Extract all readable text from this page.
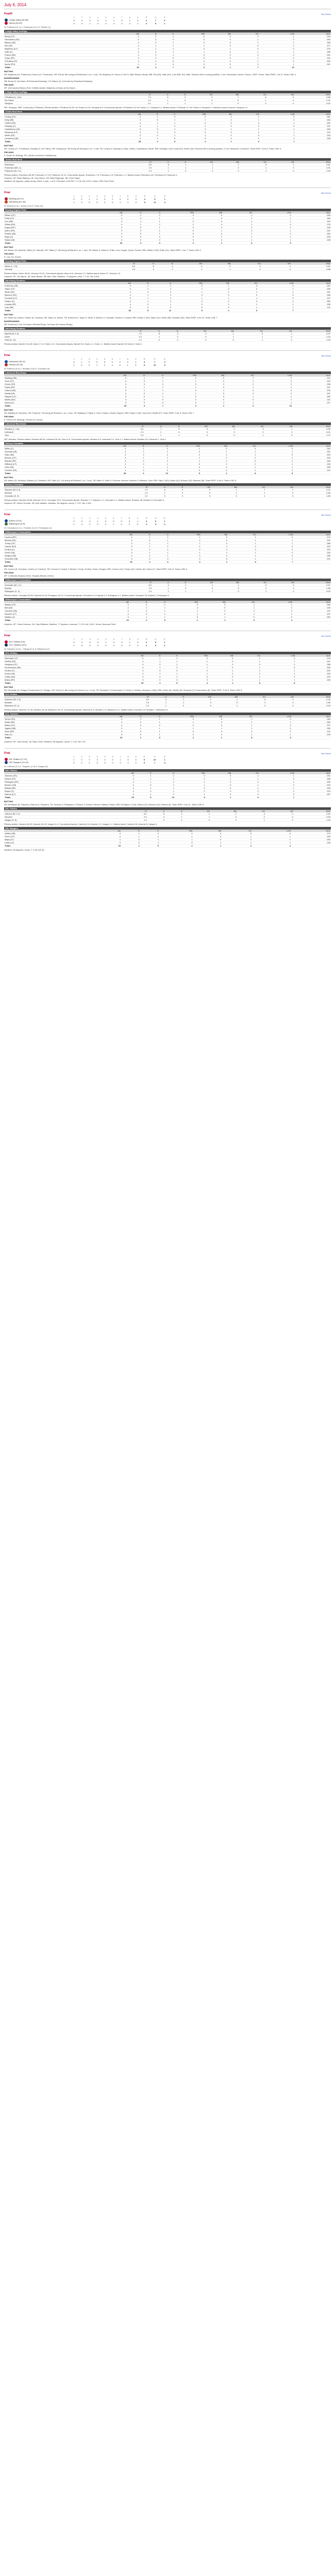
July 6, 2014
Final/9	Box Score
	1	2	3	4	5	6	7	8	9	R	H	E
Lehigh Valley (50-38)	0	0	0	0	0	1	0	1	0	2	7	0
Toledo (45-43)	0	0	1	0	0	0	0	2	1	4	8	1
W: Putkonen (2-1) L: Pomeranz (0-1) S: Palmer (1)
Lehigh Valley IronPigs
	AB	R	H	RBI	BB	SO	LOB	AVG
Brody (CF)	4	0	1	0	0	0	1	.234
Hernandez (SS)	4	0	0	0	0	1	2	.264
Blanco (2B)	4	0	1	0	0	1	1	.236
Ruf (1B)	4	1	1	1	0	0	2	.277
Mayberry (LF)	3	1	2	0	1	0	0	.279
Valle (C)	4	0	1	1	0	1	1	.255
Franco (3B)	4	0	1	0	0	2	2	.261
Cesar (RF)	3	0	0	0	0	1	0	.231
O'Sullivan (P)	2	0	0	0	0	1	0	.000
Asche (PH)	1	0	0	0	0	0	1	.241
Totals	33	2	7	2	1	7	10	
BATTING
2B: Mayberry (14, Putkonen); Franco (12, Pomeranz). HR: Ruf (8, 6th inning off Robertson 0 on, 2 out). TB: Mayberry 3; Franco 2; Ruf 4; Valle; Blanco; Brody. RBI: Ruf (28); Valle (19). 2-out RBI: Ruf; Valle. Runners left in scoring position, 2 out: Hernandez; Asche; Franco. GIDP: Cesar. Team RISP: 1-for-8. Team LOB: 6.
BASERUNNING
SB: Brody (9, 2nd base off Pomeranz/Holaday). CS: Blanco (3, 2nd base by Robertson/Holaday).
FIELDING
DP: (Hernandez-Blanco-Ruf). Outfield assists: Mayberry (Crosby at 2nd base).
Lehigh Valley IronPigs
	IP	H	R	ER	BB	SO	HR	ERA
O'Sullivan (L, 5-6)	7.0	6	3	3	1	6	0	3.88
De Fratus	1.0	1	0	0	0	1	0	2.41
Hinojosa	0.1	1	1	1	0	0	0	4.02
WP: Hinojosa. HBP: Crosby (by O'Sullivan). Pitches-strikes: O'Sullivan 94-61; De Fratus 14-10; Hinojosa 8-5. Groundouts-flyouts: O'Sullivan 9-5; De Fratus 1-1; Hinojosa 0-1. Batters faced: O'Sullivan 27; De Fratus 4; Hinojosa 2. Inherited runners-scored: Hinojosa 1-1.
Toledo Mud Hens
	AB	R	H	RBI	BB	SO	LOB	AVG
Crosby (CF)	4	1	2	0	0	1	0	.281
Kelly (3B)	4	0	1	1	0	1	2	.260
Collins (DH)	4	1	1	0	0	0	1	.262
Holaday (C)	4	1	2	2	0	0	0	.291
Castellanos (1B)	3	0	1	0	1	1	1	.245
Hessman (LF)	3	0	0	0	0	2	1	.210
Worth (SS)	3	0	1	1	0	0	1	.234
Lennerton (2B)	3	1	0	0	0	1	1	.235
Totals	28	4	8	4	1	6	7	
BATTING
2B: Crosby (17, O'Sullivan); Holaday (9, De Fratus). HR: Holaday (6, 9th inning off Hinojosa 0 on, 1 out). TB: Crosby 3; Holaday 6; Kelly; Collins; Castellanos; Worth. RBI: Holaday 2 (24); Kelly (31); Worth (18). Runners left in scoring position, 2 out: Hessman; Lennerton. Team RISP: 2-for-6. Team LOB: 5.
FIELDING
E: Worth (9, fielding). DP: (Worth-Lennerton-Castellanos).
Toledo Mud Hens
	IP	H	R	ER	BB	SO	HR	ERA
Robertson	6.0	5	1	1	1	5	1	3.51
Pomeranz (BS, 1)	2.0	1	1	1	0	1	0	4.91
Putkonen (W, 2-1)	1.0	1	0	0	0	1	0	2.45
Pitches-strikes: Robertson 85-55; Pomeranz 27-19; Putkonen 15-10. Groundouts-flyouts: Robertson 7-6; Pomeranz 2-3; Putkonen 1-1. Batters faced: Robertson 24; Pomeranz 8; Putkonen 4.
Umpires: HP: Ryan Blakney. 1B: John Bacon. 2B: Mark Ripperger. 3B: Chris Segal.
Weather: 82 degrees, partly cloudy. Wind: 6 mph, L to R. First pitch: 6:05 PM. T: 2:32. Att: 9,874. Venue: Fifth Third Field.
Final	Box Score
	1	2	3	4	5	6	7	8	9	R	H	E
Reading (40-47)	0	0	1	0	0	2	0	0	0	3	9	1
Harrisburg (41-46)	1	0	0	0	2	0	1	1	X	5	11	0
W: Barrett (4-3) L: Asher (2-5) S: Solis (12)
Reading Fightin Phils
	AB	R	H	RBI	BB	SO	LOB	AVG
Altherr (CF)	4	1	2	0	0	1	0	.259
Pullin (LF)	4	0	1	1	0	0	1	.282
Lino (3B)	4	1	1	0	0	1	1	.240
Gillies (DH)	4	1	2	2	0	1	0	.275
Dugan (RF)	4	0	1	0	0	2	2	.233
Quinn (SS)	3	0	1	0	1	0	1	.241
Pointer (2B)	4	0	1	0	0	1	2	.262
Rupp (C)	3	0	0	0	1	1	1	.209
Stassi (1B)	3	0	0	0	0	1	1	.228
Totals	33	3	9	3	2	8	9	
BATTING
2B: Altherr (15, Barrett); Gillies (11, Barrett). HR: Gillies (7, 6th inning off Barrett 1 on, 1 out). TB: Altherr 3; Gillies 6; Pullin; Lino; Dugan; Quinn; Pointer. RBI: Gillies 2 (33); Pullin (19). Team RISP: 1-for-7. Team LOB: 6.
FIELDING
E: Lino (11, throw).
Reading Fightin Phils
	IP	H	R	ER	BB	SO	HR	ERA
Asher (L, 2-5)	6.0	8	3	3	2	4	1	4.81
Johnson	2.0	3	2	1	1	2	0	3.88
Pitches-strikes: Asher 96-60; Johnson 32-20. Groundouts-flyouts: Asher 8-6; Johnson 2-2. Batters faced: Asher 27; Johnson 10.
Umpires: HP: Jon Byrne. 1B: Sean Barber. 3B: Alex Ortiz. Weather: 79 degrees, clear. T: 2:41. Att: 6,513.
Harrisburg Senators
	AB	R	H	RBI	BB	SO	LOB	AVG
Kobernus (2B)	4	1	2	0	1	0	0	.287
Taylor (CF)	4	1	1	1	0	2	1	.299
Skole (1B)	4	0	2	1	0	1	1	.251
Marrero (SS)	4	1	2	0	0	0	0	.266
Goodwin (LF)	3	1	1	1	1	1	0	.247
Solano (C)	4	1	2	2	0	0	2	.280
Lozada (RF)	4	0	1	0	0	1	2	.238
Cole (3B)	3	0	0	0	0	1	1	.211
Totals	30	5	11	5	2	6	7	
BATTING
2B: Skole (16, Asher); Solano (8, Johnson). 3B: Taylor (4, Asher). TB: Kobernus 2; Taylor 3; Skole 3; Marrero 2; Goodwin; Solano 3; Lozada. RBI: Solano 2 (29); Taylor (41); Skole (38); Goodwin (25). Team RISP: 4-for-10. Team LOB: 7.
BASERUNNING
SB: Kobernus 2 (18, 2nd base off Asher/Rupp, 3rd base off Johnson/Rupp).
Harrisburg Senators
	IP	H	R	ER	BB	SO	HR	ERA
Barrett (W, 4-3)	7.0	8	3	3	1	6	1	3.57
Davis	1.0	1	0	0	1	1	0	2.16
Solis (S, 12)	1.0	0	0	0	0	1	0	1.93
Pitches-strikes: Barrett 101-68; Davis 17-10; Solis 12-9. Groundouts-flyouts: Barrett 9-6; Davis 1-1; Solis 1-1. Batters faced: Barrett 29; Davis 5; Solis 3.
Final	Box Score
	1	2	3	4	5	6	7	8	9	R	H	E
Lakewood (39-47)	0	1	0	0	0	0	2	0	0	3	7	2
Hickory (44-42)	2	0	0	1	2	0	0	1	X	6	10	0
W: Ramirez (6-4) L: Morales (3-8) S: Gonzalez (9)
Lakewood BlueClaws
	AB	R	H	RBI	BB	SO	LOB	AVG
Walding (3B)	4	1	2	0	0	1	0	.221
Tocci (CF)	4	0	1	1	0	1	2	.242
Green (SS)	4	0	0	0	0	2	2	.238
Pujols (RF)	4	1	1	1	0	1	1	.247
Canelo (2B)	3	1	1	0	1	0	0	.229
Hewitt (1B)	4	0	1	1	0	2	2	.201
Deppen (LF)	3	0	1	0	0	1	1	.262
Martin (DH)	4	0	0	0	0	0	1	.241
Garcia (C)	3	0	0	0	1	1	1	.217
Totals	33	3	7	3	2	9	10	
BATTING
2B: Walding (9, Ramirez). HR: Pujols (9, 7th inning off Ramirez 1 on, 2 out). TB: Walding 3; Pujols 4; Tocci; Canelo; Hewitt; Deppen. RBI: Pujols 2 (40); Tocci (22); Hewitt (27). Team RISP: 2-for-8. Team LOB: 7.
FIELDING
E: Green (19, fielding); Canelo (10, throw).
Lakewood BlueClaws
	IP	H	R	ER	BB	SO	HR	ERA
Morales (L, 3-8)	5.0	7	5	4	2	3	1	4.55
Leibrandt	2.0	2	0	0	0	2	0	3.01
Viza	1.0	1	1	0	0	1	0	2.70
WP: Morales. Pitches-strikes: Morales 88-53; Leibrandt 26-18; Viza 14-9. Groundouts-flyouts: Morales 6-5; Leibrandt 3-1; Viza 1-1. Batters faced: Morales 25; Leibrandt 7; Viza 4.
Hickory Crawdads
	AB	R	H	RBI	BB	SO	LOB	AVG
Alfaro (C)	4	1	2	1	0	0	0	.262
Guzman (1B)	4	1	1	0	1	1	1	.251
Gallo (3B)	3	2	2	2	1	1	0	.323
Brinson (CF)	4	1	1	1	0	2	1	.243
Mazara (RF)	4	0	2	1	0	0	2	.260
Williams (LF)	4	0	1	0	0	2	1	.248
Odor (2B)	3	1	1	0	0	1	1	.255
Cordero (SS)	4	0	0	0	0	1	2	.214
Totals	30	6	10	5	2	8	8	
BATTING
2B: Alfaro (15, Morales); Mazara (11, Morales). HR: Gallo (21, 1st inning off Morales 1 on, 2 out). TB: Alfaro 3; Gallo 5; Guzman; Brinson; Mazara 3; Williams; Odor. RBI: Gallo 2 (62); Alfaro (41); Brinson (33); Mazara (38). Team RISP: 3-for-9. Team LOB: 6.
Hickory Crawdads
	IP	H	R	ER	BB	SO	HR	ERA
Ramirez (W, 6-4)	7.0	6	3	3	1	7	1	3.22
Mendez	1.0	1	0	0	1	1	0	2.89
Gonzalez (S, 9)	1.0	0	0	0	0	1	0	1.65
Pitches-strikes: Ramirez 99-66; Mendez 19-11; Gonzalez 13-9. Groundouts-flyouts: Ramirez 7-7; Mendez 1-1; Gonzalez 1-1. Batters faced: Ramirez 28; Mendez 5; Gonzalez 3.
Umpires: HP: Derek Thomas. 1B: Kyle Wallace. Weather: 84 degrees, sunny. T: 2:37. Att: 4,102.
Final	Box Score
	1	2	3	4	5	6	7	8	9	R	H	E
Auburn (10-8)	0	0	0	1	0	0	0	0	1	2	6	1
Williamsport (9-9)	1	0	2	0	0	1	0	0	X	4	9	0
W: Gonzalez (2-1) L: Fuentes (0-2) S: Rodriguez (4)
Williamsport Crosscutters
	AB	R	H	RBI	BB	SO	LOB	AVG
Cozens (RF)	4	1	2	1	0	1	0	.274
Mecias (SS)	4	0	1	0	0	1	1	.231
Tromp (CF)	4	1	1	1	0	1	1	.288
Canelo (DH)	3	1	2	1	1	0	0	.302
Grullon (C)	4	0	1	0	0	2	2	.219
Green (1B)	3	1	1	1	1	1	0	.240
Kingery (2B)	4	0	1	0	0	1	2	.258
Gonzalez (3B)	3	0	0	0	0	1	1	.201
Totals	29	4	9	4	2	8	7	
BATTING
2B: Cozens (6, Fuentes); Canelo (4, Fuentes). TB: Cozens 3; Canelo 3; Mecias; Tromp; Grullon; Green; Kingery. RBI: Cozens (12); Tromp (10); Canelo (9); Green (7). Team RISP: 3-for-9. Team LOB: 6.
FIELDING
DP: 2 (Mecias-Kingery-Green; Kingery-Mecias-Green).
Williamsport Crosscutters
	IP	H	R	ER	BB	SO	HR	ERA
Gonzalez (W, 2-1)	6.0	4	1	1	1	6	0	2.57
Espinal	2.0	1	0	0	0	2	0	1.80
Rodriguez (S, 4)	1.0	1	1	1	0	1	0	3.00
Pitches-strikes: Gonzalez 82-54; Espinal 24-16; Rodriguez 18-12. Groundouts-flyouts: Gonzalez 8-4; Espinal 2-2; Rodriguez 1-1. Batters faced: Gonzalez 23; Espinal 7; Rodriguez 5.
Williamsport Crosscutters
	AB	R	H	RBI	BB	SO	LOB	AVG
Alastre (CF)	4	0	1	0	0	1	1	.250
Bell (2B)	4	1	1	0	0	1	0	.233
Cardona (1B)	4	0	1	1	0	2	2	.211
Ascanio (LF)	4	0	1	1	0	1	1	.247
Walters (C)	3	1	1	0	1	0	0	.260
Totals	19	2	5	2	1	5	4	
Umpires: HP: Travis Godown. 1B: Clay Williams. Weather: 77 degrees, overcast. T: 2:29. Att: 2,811. Venue: Bowman Field.
Final	Box Score
	1	2	3	4	5	6	7	8	9	R	H	E
GCL Phillies (5-6)	0	2	0	0	1	0	0	1	0	4	8	1
GCL Yankees (6-5)	1	0	0	0	0	1	0	0	0	2	5	2
W: Sanchez (1-0) L: Ortega (0-1) S: Blackmon (2)
GCL Phillies
	AB	R	H	RBI	BB	SO	LOB	AVG
Randolph (LF)	4	1	2	0	0	1	0	.276
Herlihy (SS)	4	1	1	1	0	1	1	.241
Hinojosa (CF)	4	0	1	1	0	0	2	.288
Encarnacion (3B)	4	1	2	1	0	1	0	.263
Grullon (C)	3	0	0	0	1	1	1	.202
Green (1B)	4	1	1	1	0	2	1	.230
Coffey (2B)	4	0	1	0	0	1	2	.219
Matos (RF)	3	0	0	0	1	1	1	.245
Totals	30	4	8	4	2	8	8	
BATTING
2B: Randolph (5, Ortega); Encarnacion (3, Ortega). HR: Green (2, 8th inning off Gomez 0 on, 0 out). TB: Randolph 3; Encarnacion 3; Green 4; Herlihy; Hinojosa; Coffey. RBI: Green (8); Herlihy (6); Hinojosa (7); Encarnacion (5). Team RISP: 3-for-8. Team LOB: 6.
GCL Phillies
	IP	H	R	ER	BB	SO	HR	ERA
Sanchez (W, 1-0)	5.0	3	1	1	1	5	0	2.25
Morales	2.0	1	1	0	0	2	0	1.50
Blackmon (S, 2)	2.0	1	0	0	1	3	0	0.00
Pitches-strikes: Sanchez 70-45; Morales 26-18; Blackmon 29-19. Groundouts-flyouts: Sanchez 6-4; Morales 2-2; Blackmon 2-1. Batters faced: Sanchez 19; Morales 7; Blackmon 8.
GCL Yankees
	AB	R	H	RBI	BB	SO	LOB	AVG
Torres (SS)	4	1	1	0	0	1	0	.284
Wade (2B)	4	0	1	1	0	2	1	.260
Mateo (CF)	4	0	0	0	0	1	2	.237
Jagielo (3B)	3	1	1	1	1	1	0	.250
Aune (RF)	4	0	1	0	0	2	2	.211
Diaz (C)	3	0	1	0	0	1	1	.229
Totals	22	2	5	2	1	8	6	
Umpires: HP: Jose Navas. 1B: Ryan Clark. Weather: 88 degrees, humid. T: 2:22. Att: 175.
Final	Box Score
	1	2	3	4	5	6	7	8	9	R	H	E
DSL Phillies (17-12)	1	0	0	3	0	0	1	0	0	5	10	1
DSL Rangers (14-15)	0	0	2	0	0	0	0	1	0	3	7	3
W: Cabrera (3-1) L: Peguero (1-3) S: Vargas (5)
DSL Phillies
	AB	R	H	RBI	BB	SO	LOB	AVG
Jimenez (SS)	5	1	2	0	0	1	1	.291
Santos (CF)	4	1	1	1	1	1	0	.266
Rodriguez (RF)	4	1	2	2	0	0	1	.305
Moreno (1B)	4	0	1	1	0	1	2	.243
Batista (3B)	4	1	1	0	0	1	1	.228
Reyes (C)	4	0	1	0	0	2	2	.210
Ramos (LF)	4	1	2	1	0	0	0	.257
Totals	29	5	10	5	1	6	7	
BATTING
2B: Rodriguez (6, Peguero); Ramos (4, Peguero). TB: Jimenez 2; Rodriguez 3; Ramos 3; Santos; Moreno; Batista; Reyes. RBI: Rodriguez 2 (18); Santos (11); Moreno (14); Ramos (9). Team RISP: 4-for-11. Team LOB: 8.
DSL Phillies
	IP	H	R	ER	BB	SO	HR	ERA
Cabrera (W, 3-1)	6.0	5	2	2	2	4	0	2.81
Almonte	2.0	2	1	1	0	2	0	3.60
Vargas (S, 5)	1.0	0	0	0	0	1	0	1.29
Pitches-strikes: Cabrera 84-52; Almonte 28-18; Vargas 11-8. Groundouts-flyouts: Cabrera 8-5; Almonte 2-2; Vargas 1-1. Batters faced: Cabrera 25; Almonte 8; Vargas 3.
DSL Rangers
	AB	R	H	RBI	BB	SO	LOB	AVG
Valdez (2B)	4	1	2	0	0	0	0	.274
Perez (CF)	4	1	1	1	0	1	1	.239
Mejia (LF)	4	0	1	1	0	2	2	.252
Castro (C)	3	0	1	0	1	1	1	.218
Totals	15	2	5	2	1	4	4	
Weather: 86 degrees, sunny. T: 2:48. Att: 80.
